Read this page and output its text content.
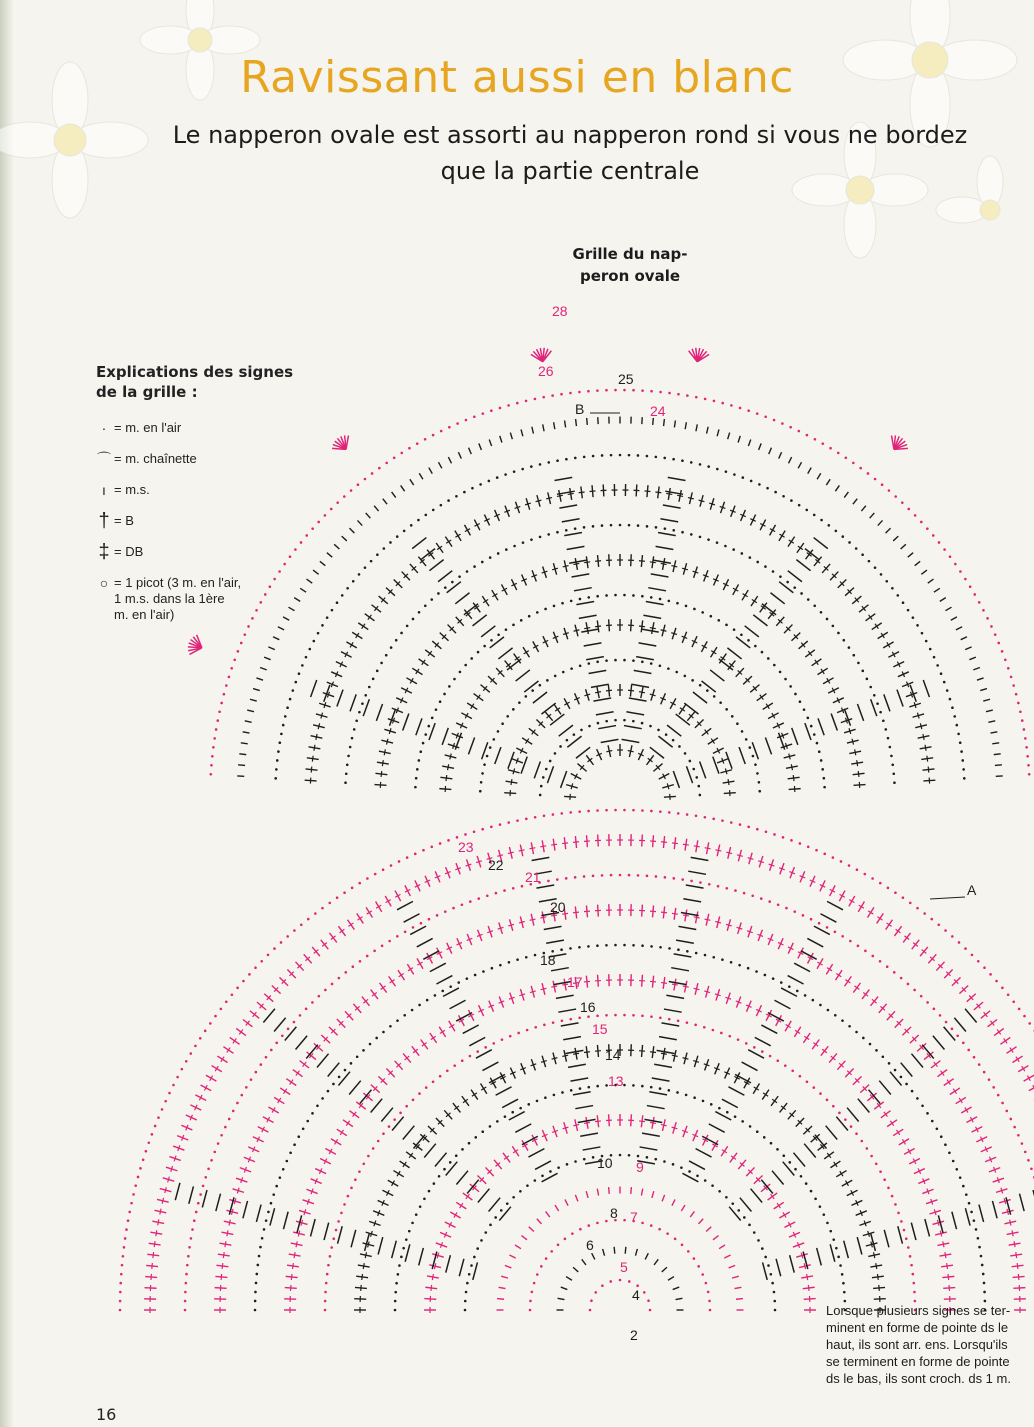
Ravissant aussi en blanc
Le napperon ovale est assorti au napperon rond si vous ne bordez que la partie centrale
Grille du nap-
peron ovale
Explications des signes de la grille :
· = m. en l'air
⌒ = m. chaînette
ı = m.s.
† = B
‡ = DB
○ = 1 picot (3 m. en l'air,
1 m.s. dans la 1ère
m. en l'air)
2
4
6
8
10
14
16
18
20
22
25
5
7
9
13
15
17
21
23
24
26
28
A
B
Lorsque plusieurs signes se ter-
minent en forme de pointe ds le
haut, ils sont arr. ens. Lorsqu'ils
se terminent en forme de pointe
ds le bas, ils sont croch. ds 1 m.
16
